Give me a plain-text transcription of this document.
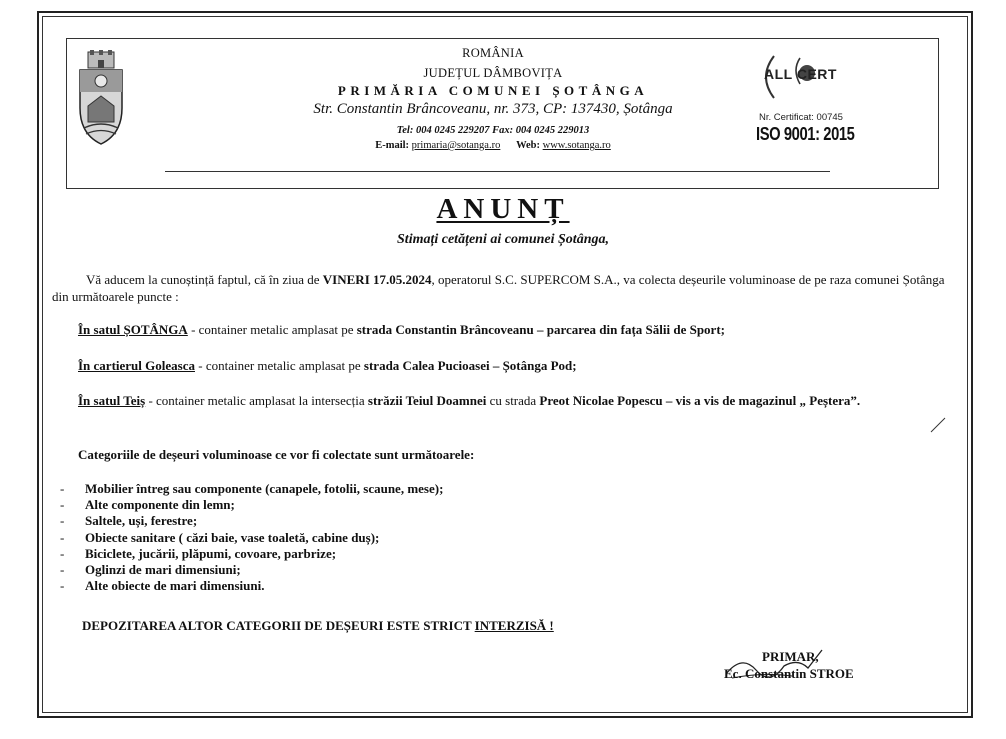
ROMÂNIA
JUDEȚUL DÂMBOVIȚA
PRIMĂRIA COMUNEI ȘOTÂNGA
Str. Constantin Brâncoveanu, nr. 373, CP: 137430, Șotânga
Tel: 004 0245 229207 Fax: 004 0245 229013
E-mail: primaria@sotanga.ro Web: www.sotanga.ro
ALL CERT
Nr. Certificat: 00745
ISO 9001: 2015
ANUNȚ
Stimați cetățeni ai comunei Șotânga,
Vă aducem la cunoștință faptul, că în ziua de VINERI 17.05.2024, operatorul S.C. SUPERCOM S.A., va colecta deșeurile voluminoase de pe raza comunei Șotânga din următoarele puncte :
În satul ȘOTÂNGA - container metalic amplasat pe strada Constantin Brâncoveanu – parcarea din fața Sălii de Sport;
În cartierul Goleasca - container metalic amplasat pe strada Calea Pucioasei – Șotânga Pod;
În satul Teiș - container metalic amplasat la intersecția străzii Teiul Doamnei cu strada Preot Nicolae Popescu – vis a vis de magazinul „ Peștera”.
Categoriile de deșeuri voluminoase ce vor fi colectate sunt următoarele:
- Mobilier întreg sau componente (canapele, fotolii, scaune, mese);
- Alte componente din lemn;
- Saltele, uși, ferestre;
- Obiecte sanitare ( căzi baie, vase toaletă, cabine duș);
- Biciclete, jucării, plăpumi, covoare, parbrize;
- Oglinzi de mari dimensiuni;
- Alte obiecte de mari dimensiuni.
DEPOZITAREA ALTOR CATEGORII DE DEȘEURI ESTE STRICT INTERZISĂ !
PRIMAR,
Ec. Constantin STROE
